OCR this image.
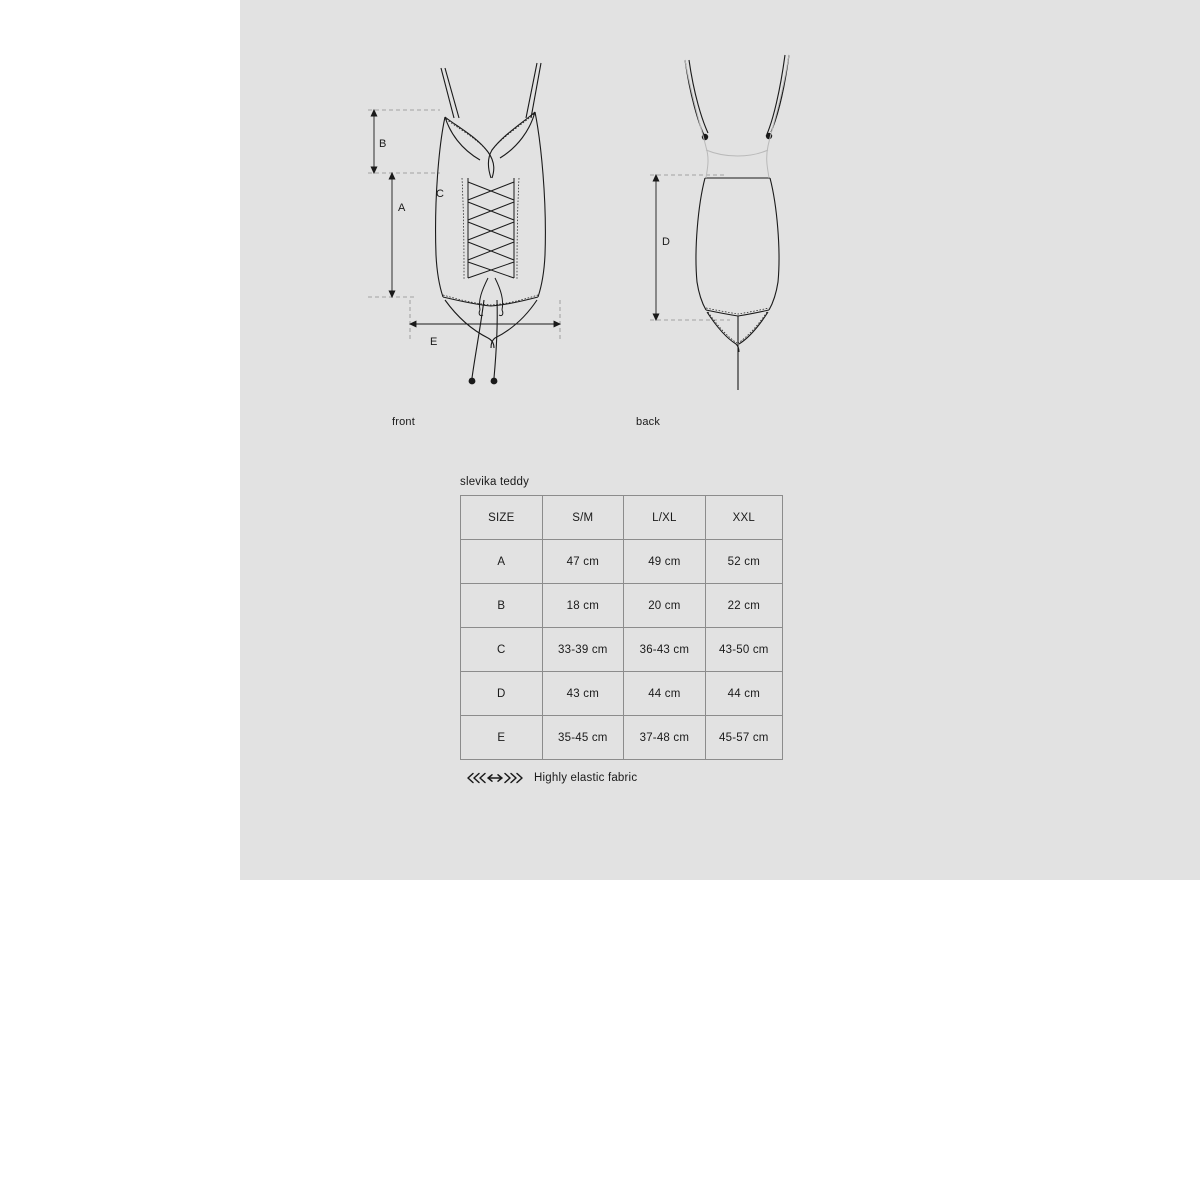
B
A
C
E
D
front	back
slevika teddy
SIZE	S/M	L/XL	XXL
A	47 cm	49 cm	52 cm
B	18 cm	20 cm	22 cm
C	33-39 cm	36-43 cm	43-50 cm
D	43 cm	44 cm	44 cm
E	35-45 cm	37-48 cm	45-57 cm
Highly elastic fabric
